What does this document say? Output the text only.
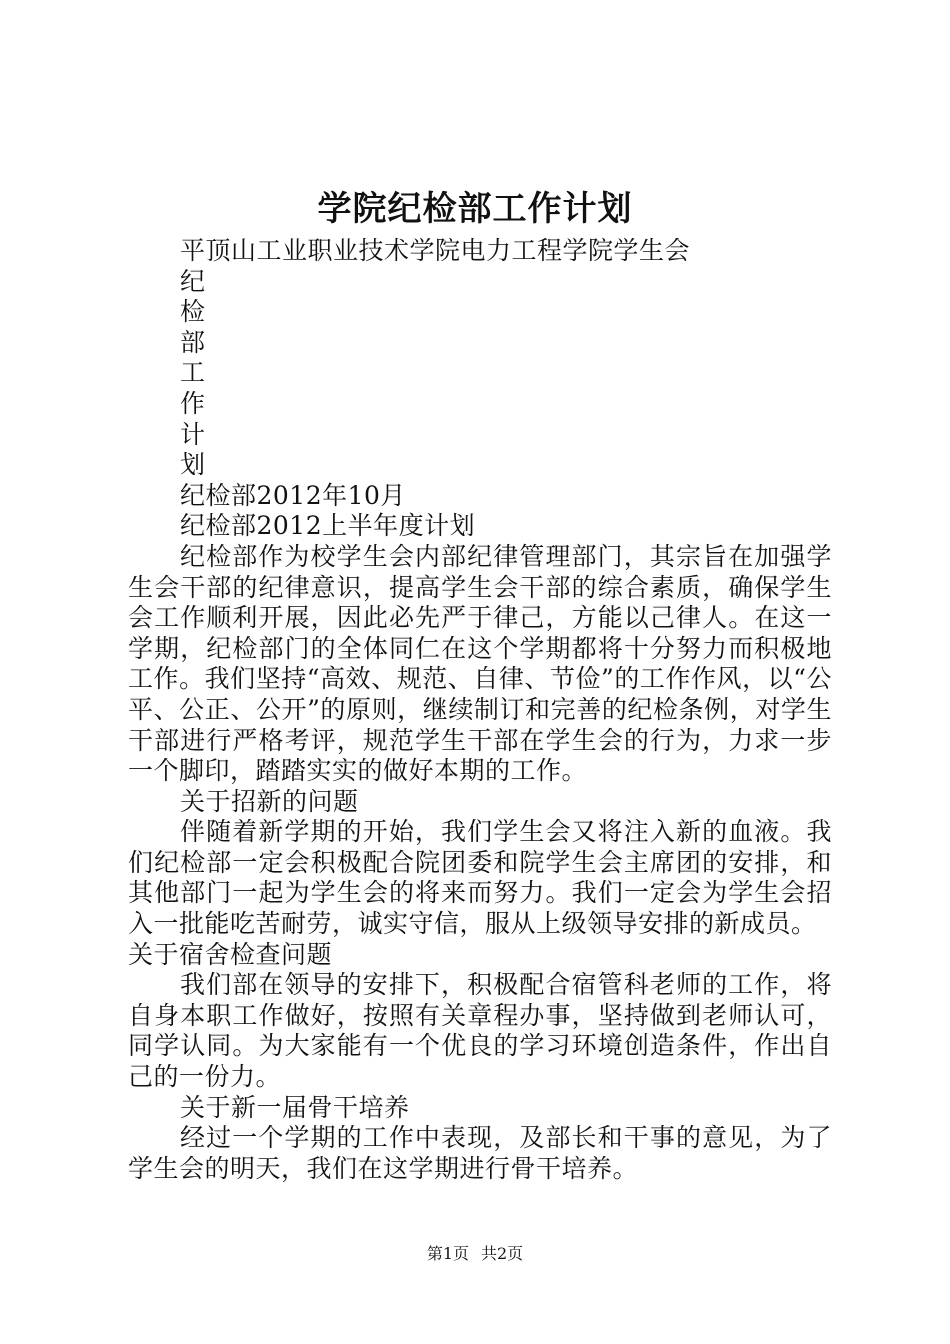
学院纪检部工作计划

平顶山工业职业技术学院电力工程学院学生会

纪

检

部

工

作

计

划

纪检部2012年10月

纪检部2012上半年度计划

纪检部作为校学生会内部纪律管理部门，其宗旨在加强学生会干部的纪律意识，提高学生会干部的综合素质，确保学生会工作顺利开展，因此必先严于律己，方能以己律人。在这一学期，纪检部门的全体同仁在这个学期都将十分努力而积极地工作。我们坚持“高效、规范、自律、节俭”的工作作风，以“公平、公正、公开”的原则，继续制订和完善的纪检条例，对学生干部进行严格考评，规范学生干部在学生会的行为，力求一步一个脚印，踏踏实实的做好本期的工作。

关于招新的问题

伴随着新学期的开始，我们学生会又将注入新的血液。我们纪检部一定会积极配合院团委和院学生会主席团的安排，和其他部门一起为学生会的将来而努力。我们一定会为学生会招入一批能吃苦耐劳，诚实守信，服从上级领导安排的新成员。

关于宿舍检查问题

我们部在领导的安排下，积极配合宿管科老师的工作，将自身本职工作做好，按照有关章程办事，坚持做到老师认可，同学认同。为大家能有一个优良的学习环境创造条件，作出自己的一份力。

关于新一届骨干培养

经过一个学期的工作中表现，及部长和干事的意见，为了学生会的明天，我们在这学期进行骨干培养。

第1页 共2页
